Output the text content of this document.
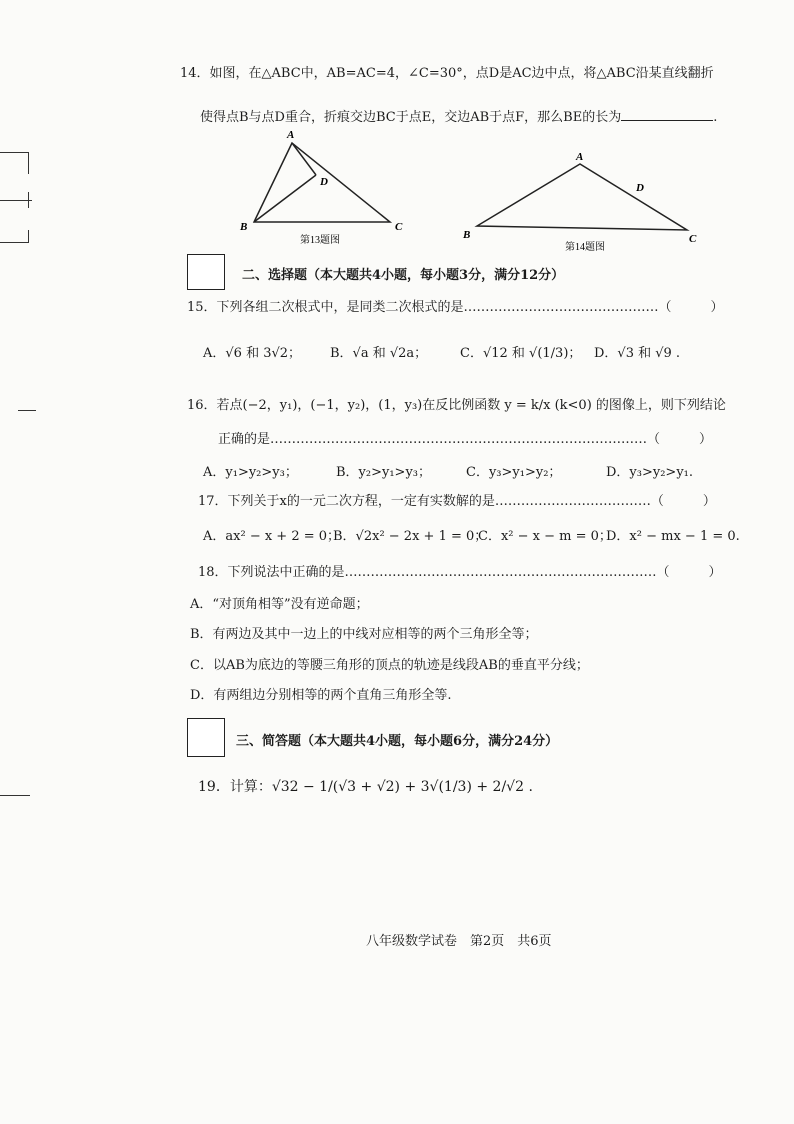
14．如图，在△ABC中，AB=AC=4，∠C=30°，点D是AC边中点，将△ABC沿某直线翻折
使得点B与点D重合，折痕交边BC于点E，交边AB于点F，那么BE的长为	.
A
D
B	C
第13题图
A
D
B	C
第14题图
二、选择题（本大题共4小题，每小题3分，满分12分）
15．下列各组二次根式中，是同类二次根式的是………………………………………（　　　）
A．√6 和 3√2； B．√a 和 √2a；	C．√12 和 √(1/3)； D．√3 和 √9 .
16．若点(−2，y₁)，(−1，y₂)，(1，y₃)在反比例函数 y = k/x (k<0) 的图像上，则下列结论
正确的是……………………………………………………………………………（　　　）
A．y₁>y₂>y₃；	B．y₂>y₁>y₃；	C．y₃>y₁>y₂；	D．y₃>y₂>y₁.
17．下列关于x的一元二次方程，一定有实数解的是………………………………（　　　）
A．ax² − x + 2 = 0；
B．√2x² − 2x + 1 = 0；
C．x² − x − m = 0；
D．x² − mx − 1 = 0.
18．下列说法中正确的是………………………………………………………………（　　　）
A．“对顶角相等”没有逆命题；
B．有两边及其中一边上的中线对应相等的两个三角形全等；
C．以AB为底边的等腰三角形的顶点的轨迹是线段AB的垂直平分线；
D．有两组边分别相等的两个直角三角形全等.
三、简答题（本大题共4小题，每小题6分，满分24分）
19．计算：√32 − 1/(√3 + √2) + 3√(1/3) + 2/√2 .
八年级数学试卷　第2页　共6页
